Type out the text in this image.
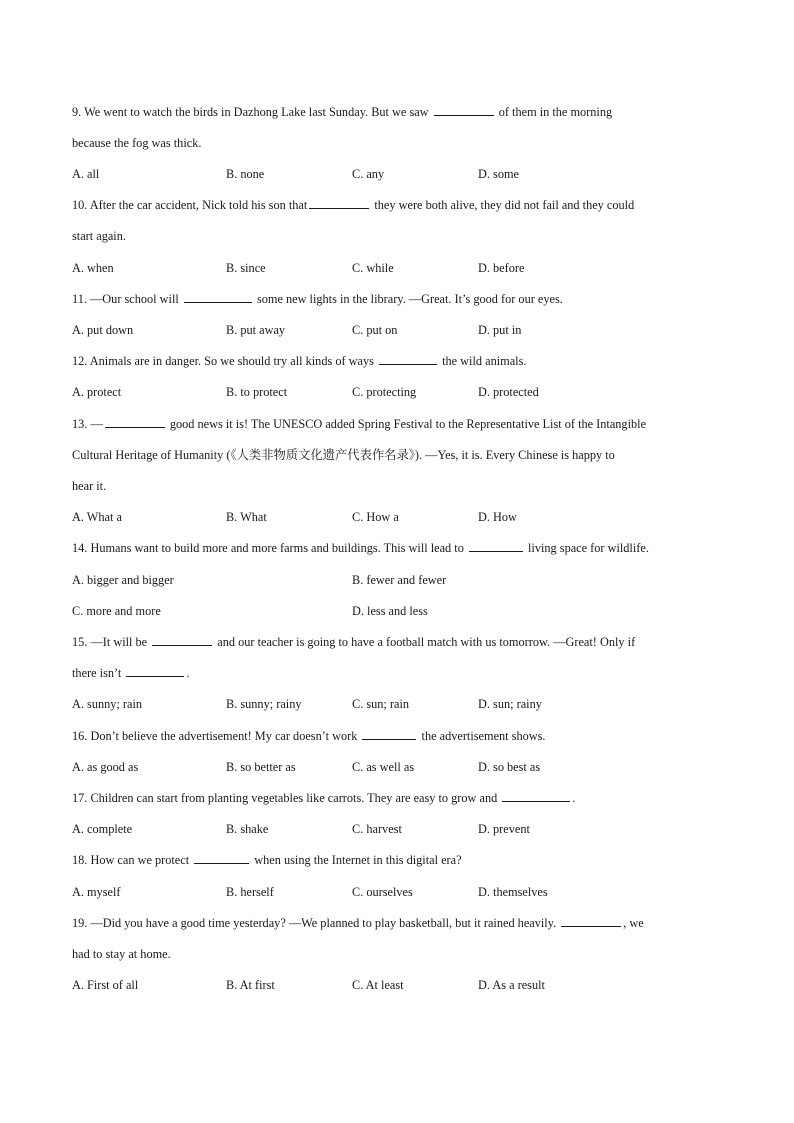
9. We went to watch the birds in Dazhong Lake last Sunday. But we saw	of them in the morning
because the fog was thick.
A. all	B. none	C. any	D. some
10. After the car accident, Nick told his son that	they were both alive, they did not fail and they could
start again.
A. when	B. since	C. while	D. before
11. —Our school will	some new lights in the library. —Great. It’s good for our eyes.
A. put down	B. put away	C. put on	D. put in
12. Animals are in danger. So we should try all kinds of ways	the wild animals.
A. protect	B. to protect	C. protecting	D. protected
13. —	good news it is! The UNESCO added Spring Festival to the Representative List of the Intangible
Cultural Heritage of Humanity (《人类非物质文化遗产代表作名录》). —Yes, it is. Every Chinese is happy to
hear it.
A. What a	B. What	C. How a	D. How
14. Humans want to build more and more farms and buildings. This will lead to	living space for wildlife.
A. bigger and bigger	B. fewer and fewer
C. more and more	D. less and less
15. —It will be	and our teacher is going to have a football match with us tomorrow. —Great! Only if
there isn’t	.
A. sunny; rain	B. sunny; rainy	C. sun; rain	D. sun; rainy
16. Don’t believe the advertisement! My car doesn’t work	the advertisement shows.
A. as good as	B. so better as	C. as well as	D. so best as
17. Children can start from planting vegetables like carrots. They are easy to grow and	.
A. complete	B. shake	C. harvest	D. prevent
18. How can we protect	when using the Internet in this digital era?
A. myself	B. herself	C. ourselves	D. themselves
19. —Did you have a good time yesterday? —We planned to play basketball, but it rained heavily.	, we
had to stay at home.
A. First of all	B. At first	C. At least	D. As a result
